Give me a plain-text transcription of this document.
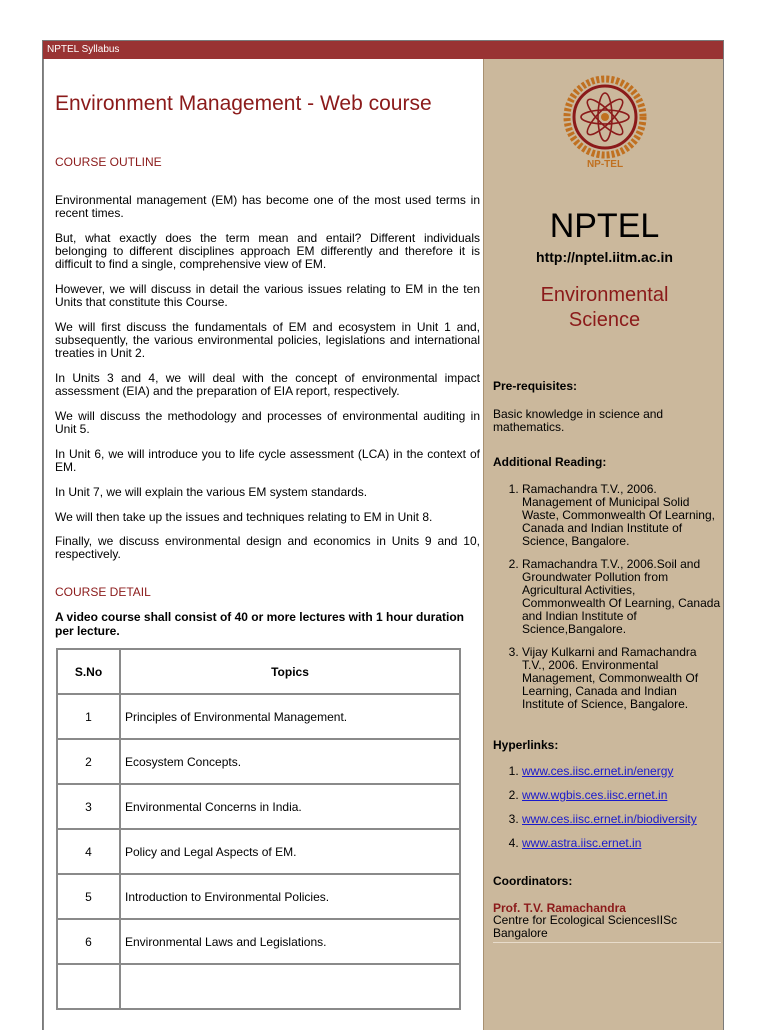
NPTEL Syllabus
Environment Management - Web course
COURSE OUTLINE
Environmental management (EM) has become one of the most used terms in recent times.
But, what exactly does the term mean and entail? Different individuals belonging to different disciplines approach EM differently and therefore it is difficult to find a single, comprehensive view of EM.
However, we will discuss in detail the various issues relating to EM in the ten Units that constitute this Course.
We will first discuss the fundamentals of EM and ecosystem in Unit 1 and, subsequently, the various environmental policies, legislations and international treaties in Unit 2.
In Units 3 and 4, we will deal with the concept of environmental impact assessment (EIA) and the preparation of EIA report, respectively.
We will discuss the methodology and processes of environmental auditing in Unit 5.
In Unit 6, we will introduce you to life cycle assessment (LCA) in the context of EM.
In Unit 7, we will explain the various EM system standards.
We will then take up the issues and techniques relating to EM in Unit 8.
Finally, we discuss environmental design and economics in Units 9 and 10, respectively.
COURSE DETAIL
A video course shall consist of 40 or more lectures with 1 hour duration per lecture.
S.No	Topics
1	Principles of Environmental Management.
2	Ecosystem Concepts.
3	Environmental Concerns in India.
4	Policy and Legal Aspects of EM.
5	Introduction to Environmental Policies.
6	Environmental Laws and Legislations.

NP-TEL
NPTEL
http://nptel.iitm.ac.in
Environmental Science
Pre-requisites:
Basic knowledge in science and mathematics.
Additional Reading:
1. Ramachandra T.V., 2006. Management of Municipal Solid Waste, Commonwealth Of Learning, Canada and Indian Institute of Science, Bangalore.
2. Ramachandra T.V., 2006.Soil and Groundwater Pollution from Agricultural Activities, Commonwealth Of Learning, Canada and Indian Institute of Science,Bangalore.
3. Vijay Kulkarni and Ramachandra T.V., 2006. Environmental Management, Commonwealth Of Learning, Canada and Indian Institute of Science, Bangalore.
Hyperlinks:
1. www.ces.iisc.ernet.in/energy
2. www.wgbis.ces.iisc.ernet.in
3. www.ces.iisc.ernet.in/biodiversity
4. www.astra.iisc.ernet.in
Coordinators:
Prof. T.V. Ramachandra
Centre for Ecological SciencesIISc Bangalore
